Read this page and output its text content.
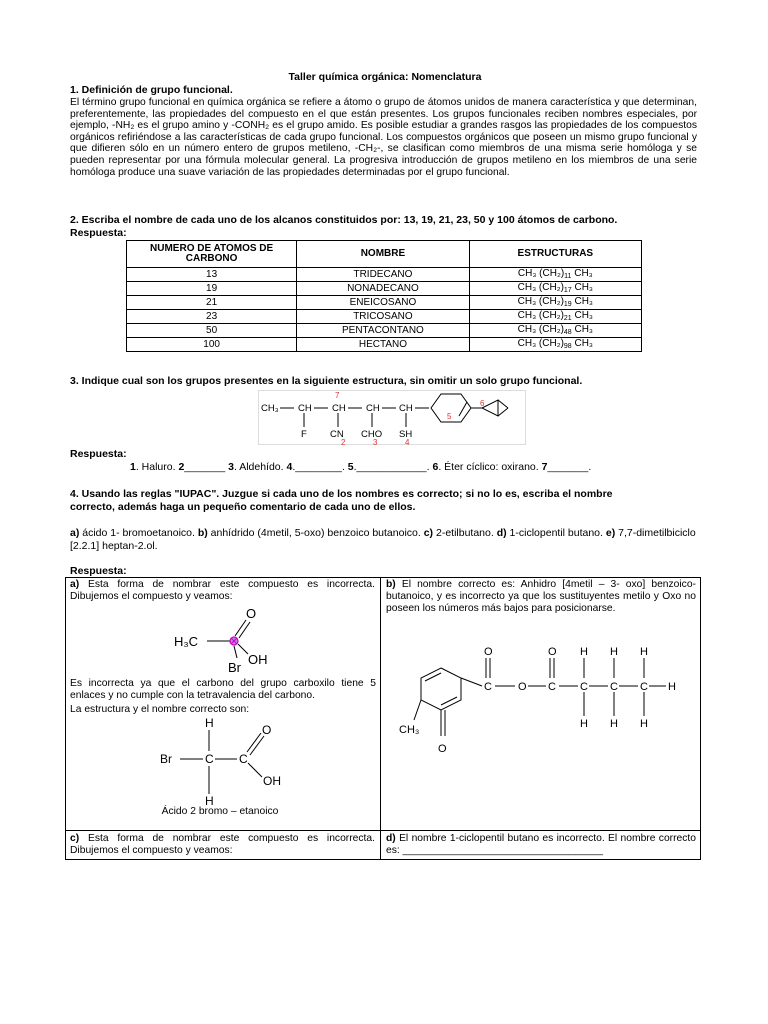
Taller química orgánica: Nomenclatura
1. Definición de grupo funcional.
El término grupo funcional en química orgánica se refiere a átomo o grupo de átomos unidos de manera característica y que determinan, preferentemente, las propiedades del compuesto en el que están presentes. Los grupos funcionales reciben nombres especiales, por ejemplo, -NH₂ es el grupo amino y -CONH₂ es el grupo amido. Es posible estudiar a grandes rasgos las propiedades de los compuestos orgánicos refiriéndose a las características de cada grupo funcional. Los compuestos orgánicos que poseen un mismo grupo funcional y que difieren sólo en un número entero de grupos metileno, -CH₂-, se clasifican como miembros de una misma serie homóloga y se pueden representar por una fórmula molecular general. La progresiva introducción de grupos metileno en los miembros de una serie homóloga produce una suave variación de las propiedades determinadas por el grupo funcional.
2. Escriba el nombre de cada uno de los alcanos constituidos por: 13, 19, 21, 23, 50 y 100 átomos de carbono.
Respuesta:
NUMERO DE ATOMOS DE CARBONO	NOMBRE	ESTRUCTURAS
13	TRIDECANO	CH₃ $(CH_2)_{11}$ CH₃
19	NONADECANO	CH₃ $(CH_2)_{17}$ CH₃
21	ENEICOSANO	CH₃ $(CH_2)_{19}$ CH₃
23	TRICOSANO	CH₃ $(CH_2)_{21}$ CH₃
50	PENTACONTANO	CH₃ $(CH_2)_{48}$ CH₃
100	HECTANO	CH₃ $(CH_2)_{98}$ CH₃
3. Indique cual son los grupos presentes en la siguiente estructura, sin omitir un solo grupo funcional.
CH₃ CH CH CH CH
F CN CHO SH
7
2	3	4
5
6
Respuesta:
1. Haluro. 2_______ 3. Aldehído. 4.________. 5.____________. 6. Éter cíclico: oxirano. 7_______.
4. Usando las reglas "IUPAC". Juzgue si cada uno de los nombres es correcto; si no lo es, escriba el nombre
correcto, además haga un pequeño comentario de cada uno de ellos.
a) ácido 1- bromoetanoico. b) anhídrido (4metil, 5-oxo) benzoico butanoico. c) 2-etilbutano. d) 1-ciclopentil butano. e) 7,7-dimetilbiciclo [2.2.1] heptan-2.ol.
Respuesta:
a) Esta forma de nombrar este compuesto es incorrecta. Dibujemos el compuesto y veamos:
H₃C
O
Br
OH
Es incorrecta ya que el carbono del grupo carboxilo tiene 5 enlaces y no cumple con la tetravalencia del carbono.
La estructura y el nombre correcto son:
H
Br	C C
O
OH
H
Ácido 2 bromo – etanoico
b) El nombre correcto es: Anhidro [4metil – 3- oxo] benzoico-butanoico, y es incorrecto ya que los sustituyentes metilo y Oxo no poseen los números más bajos para posicionarse.
CH₃
O
C
O
O C
O
C C C H
H H H
H H H
c) Esta forma de nombrar este compuesto es incorrecta. Dibujemos el compuesto y veamos:
d) El nombre 1-ciclopentil butano es incorrecto. El nombre correcto es: ___________________________________
